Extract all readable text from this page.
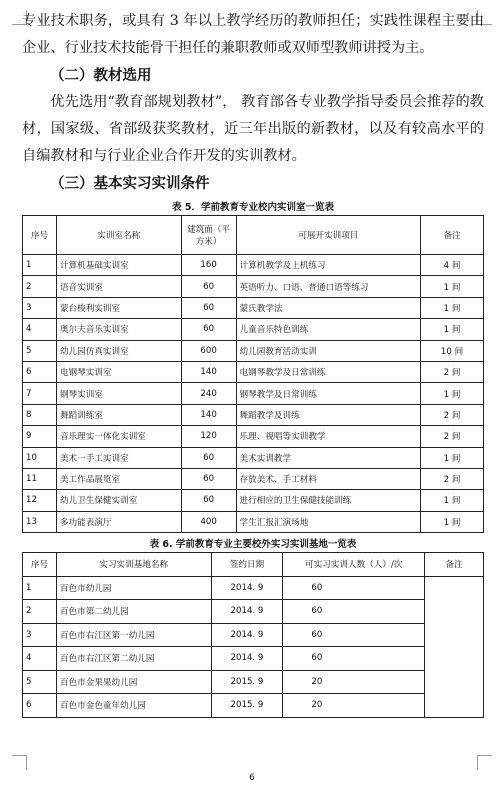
专业技术职务，或具有 3 年以上教学经历的教师担任；实践性课程主要由企业、行业技术技能骨干担任的兼职教师或双师型教师讲授为主。

（二）教材选用

优先选用“教育部规划教材”， 教育部各专业教学指导委员会推荐的教材，国家级、省部级获奖教材，近三年出版的新教材，以及有较高水平的自编教材和与行业企业合作开发的实训教材。

（三）基本实习实训条件

表 5．学前教育专业校内实训室一览表
序号	实训室名称	建筑面（平方米）	可展开实训项目	备注
1	计算机基础实训室	160	计算机教学及上机练习	4 间
2	语音实训室	60	英语听力、口语、普通口语等练习	1 间
3	蒙台梭利实训室	60	蒙氏教学法	1 间
4	奥尔夫音乐实训室	60	儿童音乐特色训练	1 间
5	幼儿园仿真实训室	600	幼儿园教育活动实训	10 间
6	电钢琴实训室	140	电钢琴教学及日常训练	2 间
7	钢琴实训室	240	钢琴教学及日常训练	1 间
8	舞蹈训练室	140	舞蹈教学及训练	2 间
9	音乐理实一体化实训室	120	乐理、视唱等实训教学	2 间
10	美术一手工实训室	60	美术实训教学	1 间
11	美工作品展览室	60	存放美术、手工材料	2 间
12	幼儿卫生保健实训室	60	进行相应的卫生保健技能训练	1 间
13	多功能表演厅	400	学生汇报汇演场地	1 间
表 6. 学前教育专业主要校外实习实训基地一览表
序号	实习实训基地名称	签约日期	可实习实训人数（人）/次	备注
1	百色市幼儿园	2014. 9	60	
2	百色市第二幼儿园	2014. 9	60	
3	百色市右江区第一幼儿园	2014. 9	60	
4	百色市右江区第二幼儿园	2014. 9	60	
5	百色市金果果幼儿园	2015. 9	20	
6	百色市金色童年幼儿园	2015. 9	20	
6
